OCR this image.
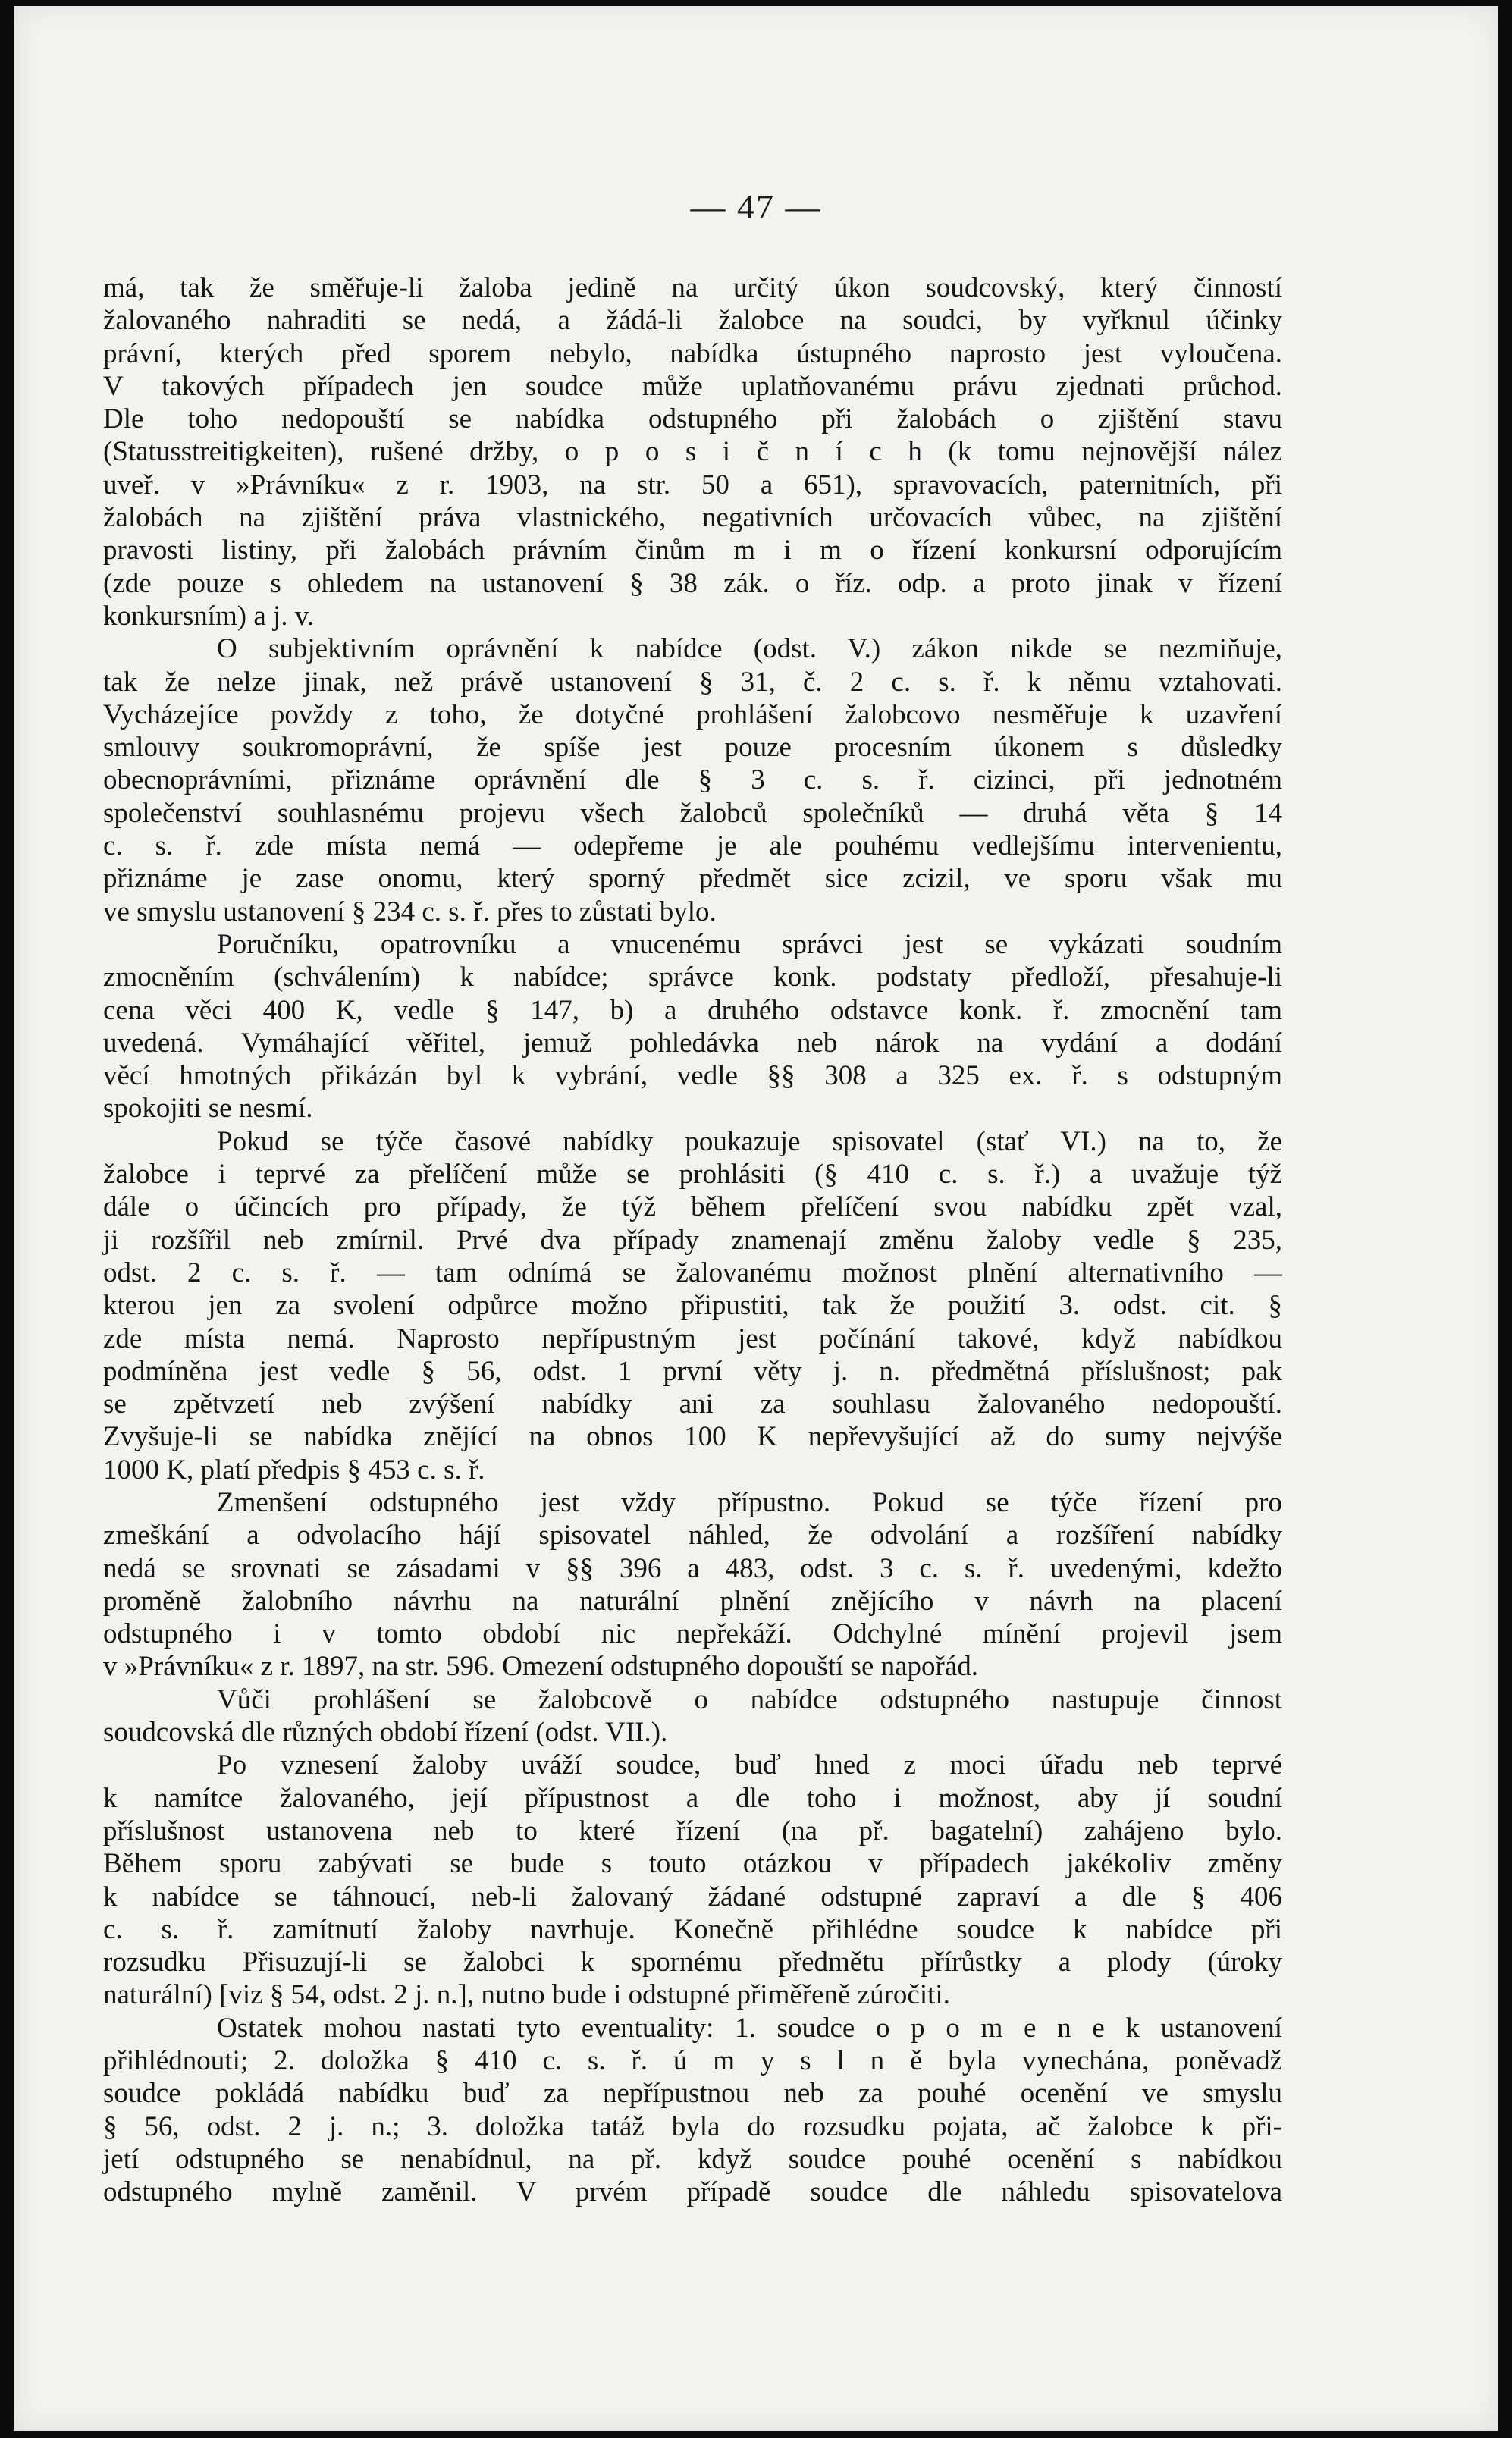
— 47 —

má, tak že směřuje-li žaloba jedině na určitý úkon soudcovský, který činností

žalovaného nahraditi se nedá, a žádá-li žalobce na soudci, by vyřknul účinky

právní, kterých před sporem nebylo, nabídka ústupného naprosto jest vyloučena.

V takových případech jen soudce může uplatňovanému právu zjednati průchod.

Dle toho nedopouští se nabídka odstupného při žalobách o zjištění stavu

(Statusstreitigkeiten), rušené držby, o p o s i č n í c h (k tomu nejnovější nález

uveř. v »Právníku« z r. 1903, na str. 50 a 651), spravovacích, paternitních, při

žalobách na zjištění práva vlastnického, negativních určovacích vůbec, na zjištění

pravosti listiny, při žalobách právním činům m i m o řízení konkursní odporujícím

(zde pouze s ohledem na ustanovení § 38 zák. o říz. odp. a proto jinak v řízení

konkursním) a j. v.

O subjektivním oprávnění k nabídce (odst. V.) zákon nikde se nezmiňuje,

tak že nelze jinak, než právě ustanovení § 31, č. 2 c. s. ř. k němu vztahovati.

Vycházejíce povždy z toho, že dotyčné prohlášení žalobcovo nesměřuje k uzavření

smlouvy soukromoprávní, že spíše jest pouze procesním úkonem s důsledky

obecnoprávními, přiznáme oprávnění dle § 3 c. s. ř. cizinci, při jednotném

společenství souhlasnému projevu všech žalobců společníků — druhá věta § 14

c. s. ř. zde místa nemá — odepřeme je ale pouhému vedlejšímu intervenientu,

přiznáme je zase onomu, který sporný předmět sice zcizil, ve sporu však mu

ve smyslu ustanovení § 234 c. s. ř. přes to zůstati bylo.

Poručníku, opatrovníku a vnucenému správci jest se vykázati soudním

zmocněním (schválením) k nabídce; správce konk. podstaty předloží, přesahuje-li

cena věci 400 K, vedle § 147, b) a druhého odstavce konk. ř. zmocnění tam

uvedená. Vymáhající věřitel, jemuž pohledávka neb nárok na vydání a dodání

věcí hmotných přikázán byl k vybrání, vedle §§ 308 a 325 ex. ř. s odstupným

spokojiti se nesmí.

Pokud se týče časové nabídky poukazuje spisovatel (stať VI.) na to, že

žalobce i teprvé za přelíčení může se prohlásiti (§ 410 c. s. ř.) a uvažuje týž

dále o účincích pro případy, že týž během přelíčení svou nabídku zpět vzal,

ji rozšířil neb zmírnil. Prvé dva případy znamenají změnu žaloby vedle § 235,

odst. 2 c. s. ř. — tam odnímá se žalovanému možnost plnění alternativního —

kterou jen za svolení odpůrce možno připustiti, tak že použití 3. odst. cit. §

zde místa nemá. Naprosto nepřípustným jest počínání takové, když nabídkou

podmíněna jest vedle § 56, odst. 1 první věty j. n. předmětná příslušnost; pak

se zpětvzetí neb zvýšení nabídky ani za souhlasu žalovaného nedopouští.

Zvyšuje-li se nabídka znějící na obnos 100 K nepřevyšující až do sumy nejvýše

1000 K, platí předpis § 453 c. s. ř.

Zmenšení odstupného jest vždy přípustno. Pokud se týče řízení pro

zmeškání a odvolacího hájí spisovatel náhled, že odvolání a rozšíření nabídky

nedá se srovnati se zásadami v §§ 396 a 483, odst. 3 c. s. ř. uvedenými, kdežto

proměně žalobního návrhu na naturální plnění znějícího v návrh na placení

odstupného i v tomto období nic nepřekáží. Odchylné mínění projevil jsem

v »Právníku« z r. 1897, na str. 596. Omezení odstupného dopouští se napořád.

Vůči prohlášení se žalobcově o nabídce odstupného nastupuje činnost

soudcovská dle různých období řízení (odst. VII.).

Po vznesení žaloby uváží soudce, buď hned z moci úřadu neb teprvé

k namítce žalovaného, její přípustnost a dle toho i možnost, aby jí soudní

příslušnost ustanovena neb to které řízení (na př. bagatelní) zahájeno bylo.

Během sporu zabývati se bude s touto otázkou v případech jakékoliv změny

k nabídce se táhnoucí, neb-li žalovaný žádané odstupné zapraví a dle § 406

c. s. ř. zamítnutí žaloby navrhuje. Konečně přihlédne soudce k nabídce při

rozsudku Přisuzují-li se žalobci k spornému předmětu přírůstky a plody (úroky

naturální) [viz § 54, odst. 2 j. n.], nutno bude i odstupné přiměřeně zúročiti.

Ostatek mohou nastati tyto eventuality: 1. soudce o p o m e n e k ustanovení

přihlédnouti; 2. doložka § 410 c. s. ř. ú m y s l n ě byla vynechána, poněvadž

soudce pokládá nabídku buď za nepřípustnou neb za pouhé ocenění ve smyslu

§ 56, odst. 2 j. n.; 3. doložka tatáž byla do rozsudku pojata, ač žalobce k při-

jetí odstupného se nenabídnul, na př. když soudce pouhé ocenění s nabídkou

odstupného mylně zaměnil. V prvém případě soudce dle náhledu spisovatelova
